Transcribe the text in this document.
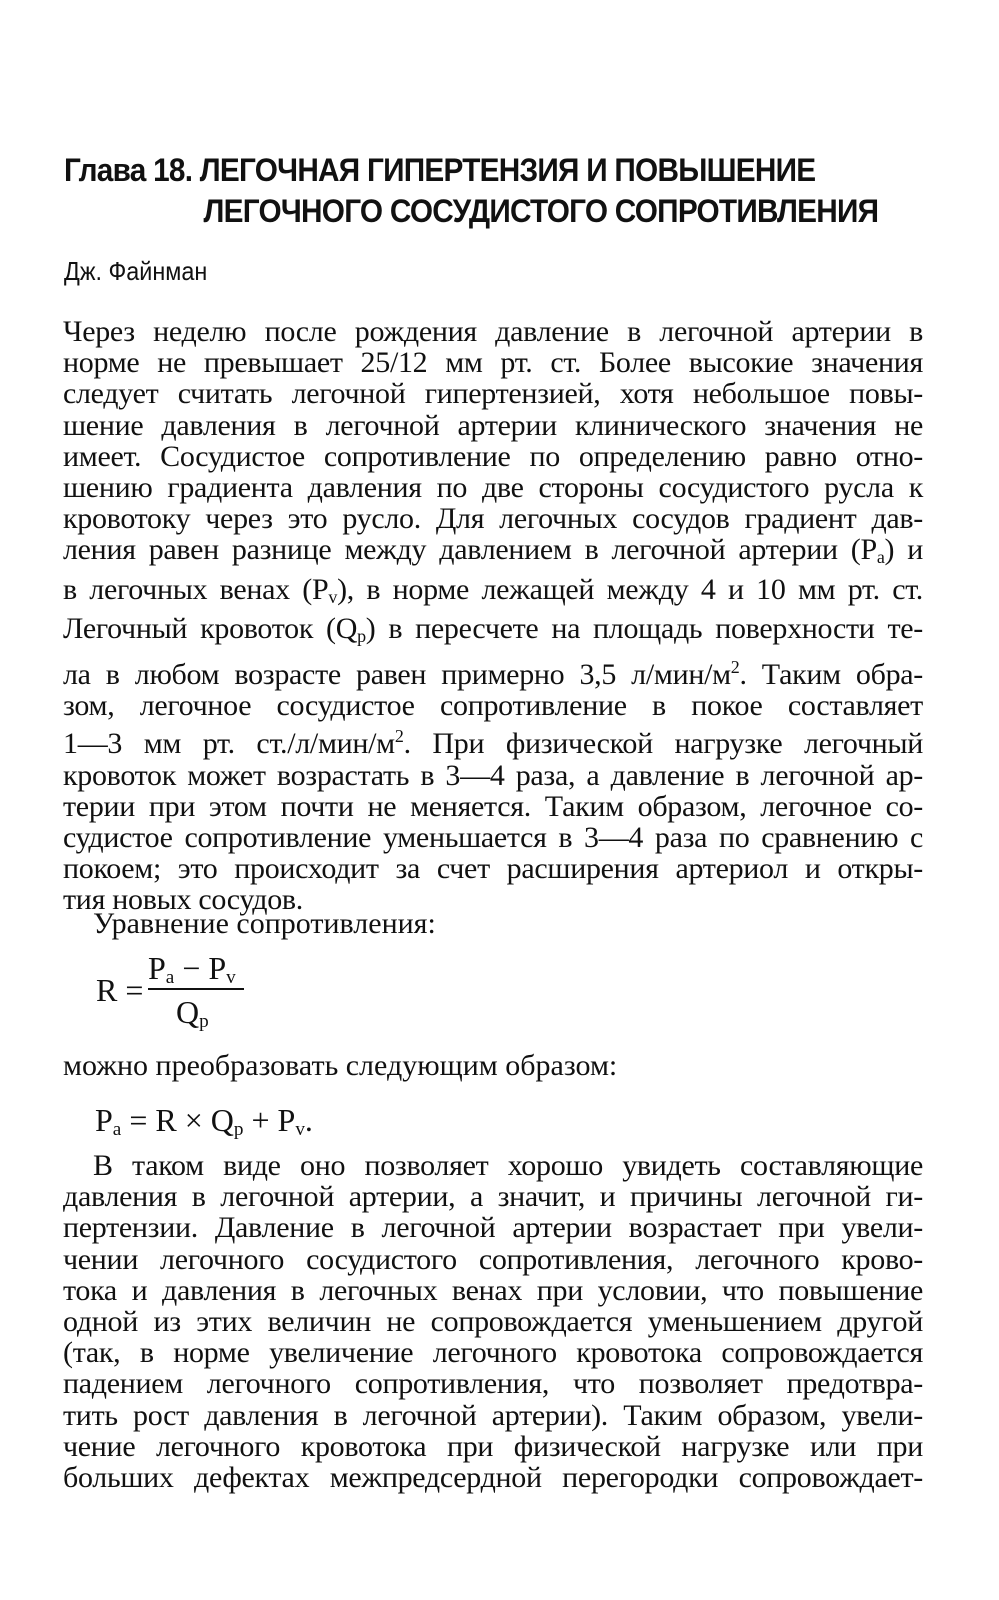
Глава 18. ЛЕГОЧНАЯ ГИПЕРТЕНЗИЯ И ПОВЫШЕНИЕ
ЛЕГОЧНОГО СОСУДИСТОГО СОПРОТИВЛЕНИЯ
Дж. Файнман
Через неделю после рождения давление в легочной артерии в
норме не превышает 25/12 мм рт. ст. Более высокие значения
следует считать легочной гипертензией, хотя небольшое повы-
шение давления в легочной артерии клинического значения не
имеет. Сосудистое сопротивление по определению равно отно-
шению градиента давления по две стороны сосудистого русла к
кровотоку через это русло. Для легочных сосудов градиент дав-
ления равен разнице между давлением в легочной артерии $(P_a)$ и
в легочных венах $(P_v)$, в норме лежащей между 4 и 10 мм рт. ст.
Легочный кровоток $(Q_p)$ в пересчете на площадь поверхности те-
ла в любом возрасте равен примерно 3,5 $л/мин/м^2$. Таким обра-
зом, легочное сосудистое сопротивление в покое составляет
1—3 мм рт. $ст./л/мин/м^2$. При физической нагрузке легочный
кровоток может возрастать в 3—4 раза, а давление в легочной ар-
терии при этом почти не меняется. Таким образом, легочное со-
судистое сопротивление уменьшается в 3—4 раза по сравнению с
покоем; это происходит за счет расширения артериол и откры-
тия новых сосудов.
Уравнение сопротивления:
R =
$P_a - P_v$
$Q_p$
можно преобразовать следующим образом:
$P_a = R \times Q_p + P_v$.
В таком виде оно позволяет хорошо увидеть составляющие
давления в легочной артерии, а значит, и причины легочной ги-
пертензии. Давление в легочной артерии возрастает при увели-
чении легочного сосудистого сопротивления, легочного крово-
тока и давления в легочных венах при условии, что повышение
одной из этих величин не сопровождается уменьшением другой
(так, в норме увеличение легочного кровотока сопровождается
падением легочного сопротивления, что позволяет предотвра-
тить рост давления в легочной артерии). Таким образом, увели-
чение легочного кровотока при физической нагрузке или при
больших дефектах межпредсердной перегородки сопровождает-
